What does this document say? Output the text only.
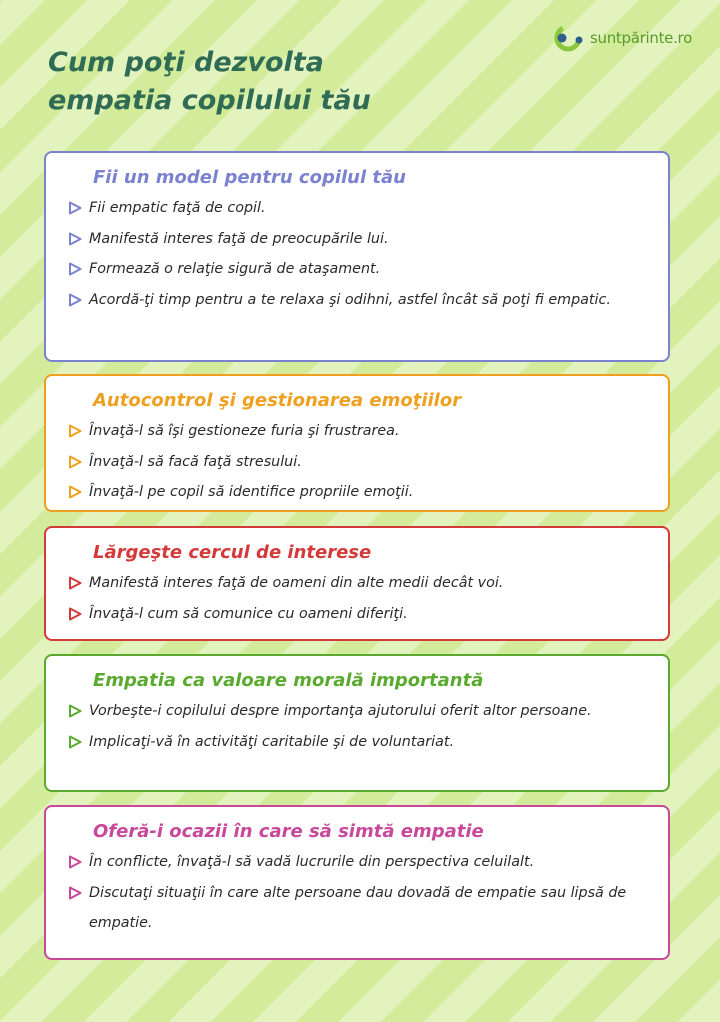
suntpărinte.ro
Cum poţi dezvolta
empatia copilului tău
Fii un model pentru copilul tău
Fii empatic faţă de copil.
Manifestă interes faţă de preocupările lui.
Formează o relaţie sigură de ataşament.
Acordă-ţi timp pentru a te relaxa şi odihni, astfel încât să poţi fi empatic.
Autocontrol şi gestionarea emoţiilor
Învaţă-l să îşi gestioneze furia şi frustrarea.
Învaţă-l să facă faţă stresului.
Învaţă-l pe copil să identifice propriile emoţii.
Lărgeşte cercul de interese
Manifestă interes faţă de oameni din alte medii decât voi.
Învaţă-l cum să comunice cu oameni diferiţi.
Empatia ca valoare morală importantă
Vorbeşte-i copilului despre importanţa ajutorului oferit altor persoane.
Implicaţi-vă în activităţi caritabile şi de voluntariat.
Oferă-i ocazii în care să simtă empatie
În conflicte, învaţă-l să vadă lucrurile din perspectiva celuilalt.
Discutaţi situaţii în care alte persoane dau dovadă de empatie sau lipsă de empatie.
